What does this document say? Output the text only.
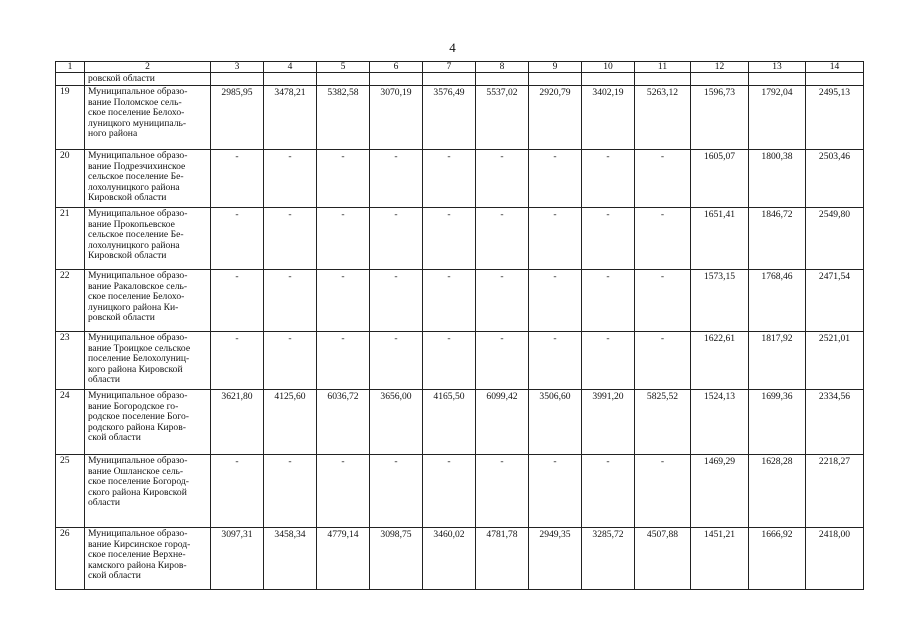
4
1	2	3	4	5	6	7	8	9	10	11	12	13	14
	ровской области												
19	Муниципальное образо-
вание Поломское сель-
ское поселение Белохо-
луницкого муниципаль-
ного района	2985,95	3478,21	5382,58	3070,19	3576,49	5537,02	2920,79	3402,19	5263,12	1596,73	1792,04	2495,13
20	Муниципальное образо-
вание Подрезчихинское
сельское поселение Бе-
лохолуницкого района
Кировской области	-	-	-	-	-	-	-	-	-	1605,07	1800,38	2503,46
21	Муниципальное образо-
вание Прокопьевское
сельское поселение Бе-
лохолуницкого района
Кировской области	-	-	-	-	-	-	-	-	-	1651,41	1846,72	2549,80
22	Муниципальное образо-
вание Ракаловское сель-
ское поселение Белохо-
луницкого района Ки-
ровской области	-	-	-	-	-	-	-	-	-	1573,15	1768,46	2471,54
23	Муниципальное образо-
вание Троицкое сельское
поселение Белохолуниц-
кого района Кировской
области	-	-	-	-	-	-	-	-	-	1622,61	1817,92	2521,01
24	Муниципальное образо-
вание Богородское го-
родское поселение Бого-
родского района Киров-
ской области	3621,80	4125,60	6036,72	3656,00	4165,50	6099,42	3506,60	3991,20	5825,52	1524,13	1699,36	2334,56
25	Муниципальное образо-
вание Ошланское сель-
ское поселение Богород-
ского района Кировской
области	-	-	-	-	-	-	-	-	-	1469,29	1628,28	2218,27
26	Муниципальное образо-
вание Кирсинское город-
ское поселение Верхне-
камского района Киров-
ской области	3097,31	3458,34	4779,14	3098,75	3460,02	4781,78	2949,35	3285,72	4507,88	1451,21	1666,92	2418,00
